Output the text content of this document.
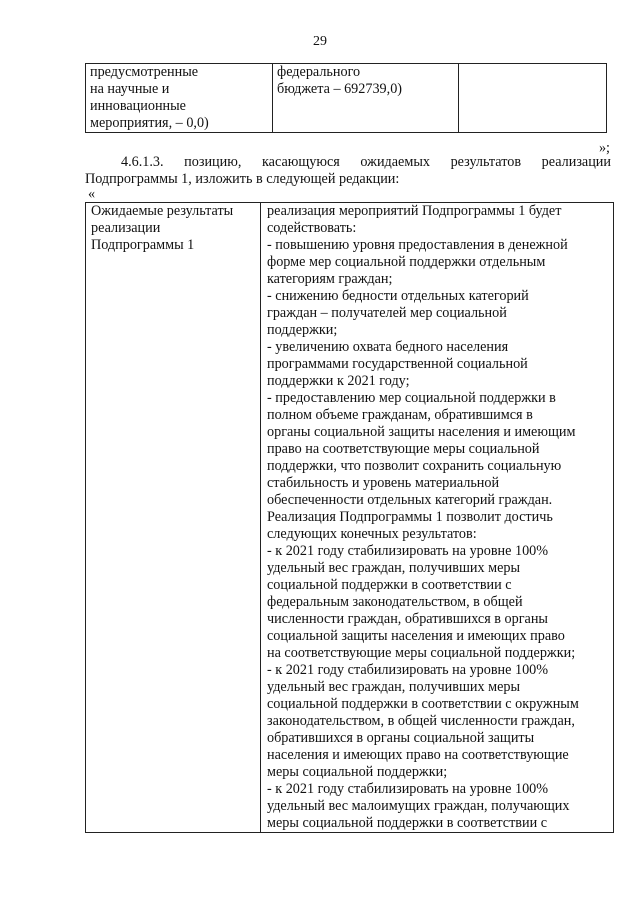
29
предусмотренные
на научные и
инновационные
мероприятия, – 0,0)

федерального
бюджета – 692739,0)

»;
4.6.1.3. позицию, касающуюся ожидаемых результатов реализации
Подпрограммы 1, изложить в следующей редакции:
«
Ожидаемые результаты
реализации
Подпрограммы 1

реализация мероприятий Подпрограммы 1 будет
содействовать:
- повышению уровня предоставления в денежной
форме мер социальной поддержки отдельным
категориям граждан;
- снижению бедности отдельных категорий
граждан – получателей мер социальной
поддержки;
- увеличению охвата бедного населения
программами государственной социальной
поддержки к 2021 году;
- предоставлению мер социальной поддержки в
полном объеме гражданам, обратившимся в
органы социальной защиты населения и имеющим
право на соответствующие меры социальной
поддержки, что позволит сохранить социальную
стабильность и уровень материальной
обеспеченности отдельных категорий граждан.
Реализация Подпрограммы 1 позволит достичь
следующих конечных результатов:
- к 2021 году стабилизировать на уровне 100%
удельный вес граждан, получивших меры
социальной поддержки в соответствии с
федеральным законодательством, в общей
численности граждан, обратившихся в органы
социальной защиты населения и имеющих право
на соответствующие меры социальной поддержки;
- к 2021 году стабилизировать на уровне 100%
удельный вес граждан, получивших меры
социальной поддержки в соответствии с окружным
законодательством, в общей численности граждан,
обратившихся в органы социальной защиты
населения и имеющих право на соответствующие
меры социальной поддержки;
- к 2021 году стабилизировать на уровне 100%
удельный вес малоимущих граждан, получающих
меры социальной поддержки в соответствии с
